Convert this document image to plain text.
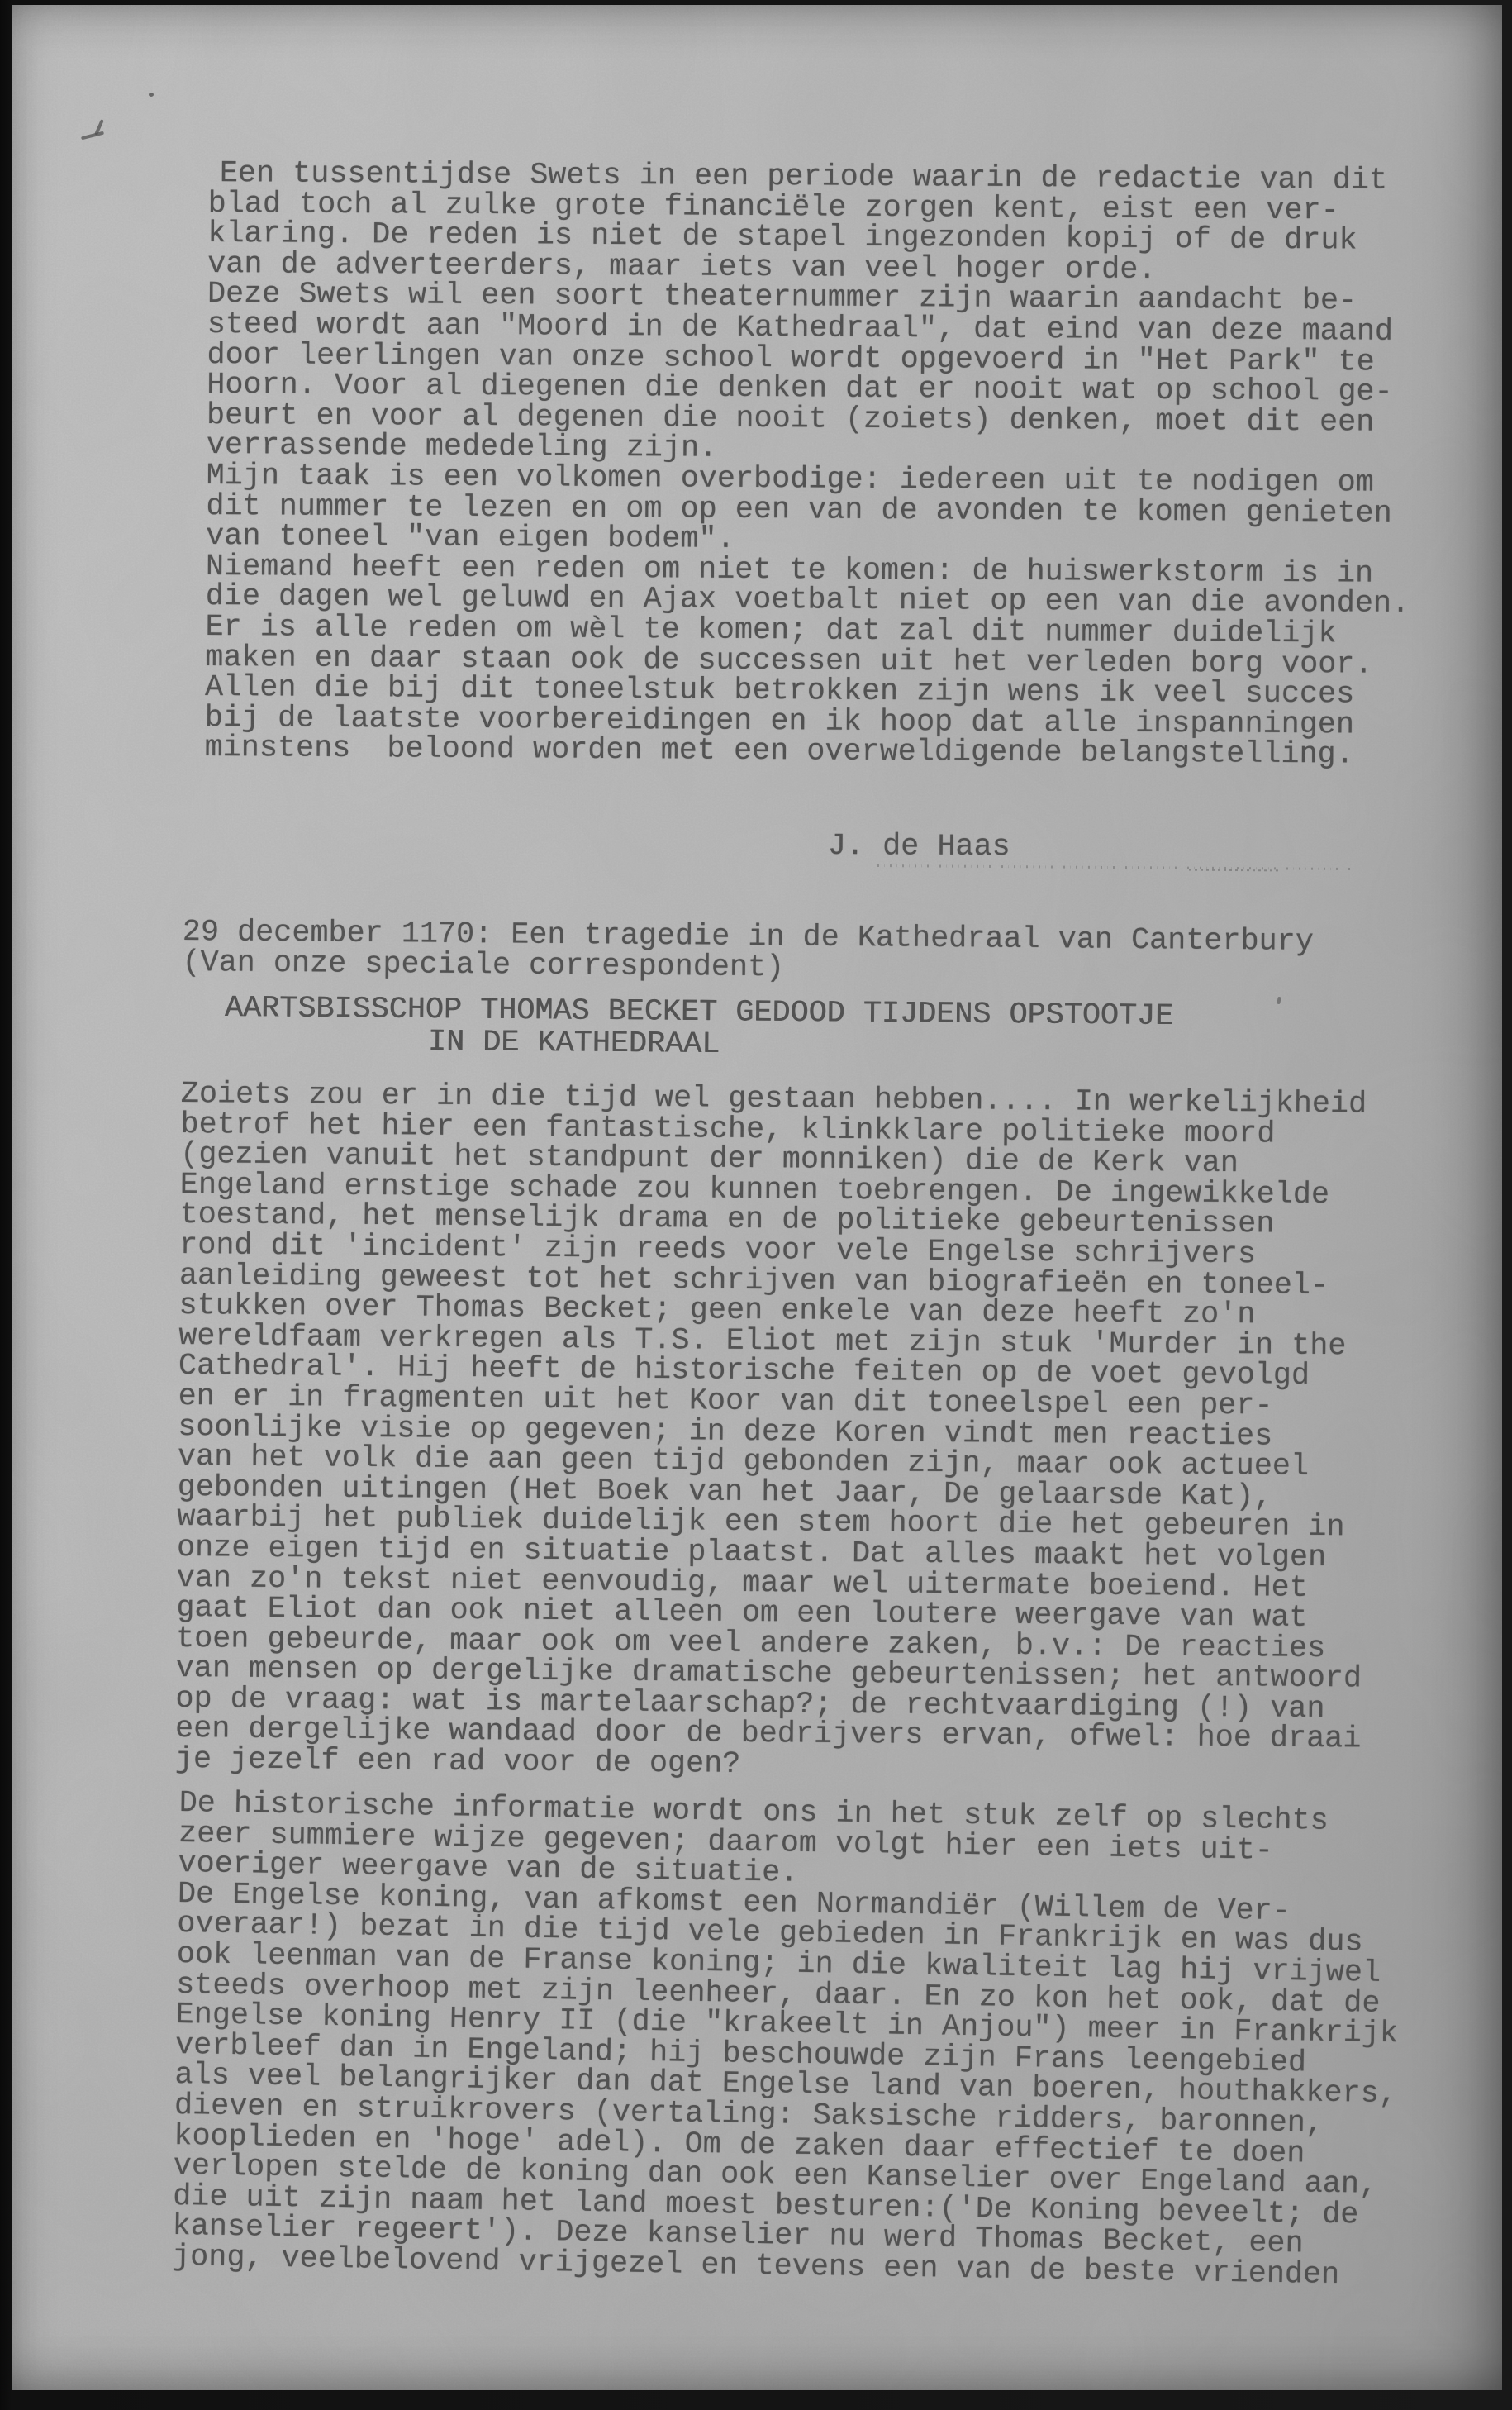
Een tussentijdse Swets in een periode waarin de redactie van dit
blad toch al zulke grote financiële zorgen kent, eist een ver-
klaring. De reden is niet de stapel ingezonden kopij of de druk
van de adverteerders, maar iets van veel hoger orde.
Deze Swets wil een soort theaternummer zijn waarin aandacht be-
steed wordt aan "Moord in de Kathedraal", dat eind van deze maand
door leerlingen van onze school wordt opgevoerd in "Het Park" te
Hoorn. Voor al diegenen die denken dat er nooit wat op school ge-
beurt en voor al degenen die nooit (zoiets) denken, moet dit een
verrassende mededeling zijn.
Mijn taak is een volkomen overbodige: iedereen uit te nodigen om
dit nummer te lezen en om op een van de avonden te komen genieten
van toneel "van eigen bodem".
Niemand heeft een reden om niet te komen: de huiswerkstorm is in
die dagen wel geluwd en Ajax voetbalt niet op een van die avonden.
Er is alle reden om wèl te komen; dat zal dit nummer duidelijk
maken en daar staan ook de successen uit het verleden borg voor.
Allen die bij dit toneelstuk betrokken zijn wens ik veel succes
bij de laatste voorbereidingen en ik hoop dat alle inspanningen
minstens  beloond worden met een overweldigende belangstelling.
J. de Haas
29 december 1170: Een tragedie in de Kathedraal van Canterbury
(Van onze speciale correspondent)
AARTSBISSCHOP THOMAS BECKET GEDOOD TIJDENS OPSTOOTJE
IN DE KATHEDRAAL
Zoiets zou er in die tijd wel gestaan hebben.... In werkelijkheid
betrof het hier een fantastische, klinkklare politieke moord
(gezien vanuit het standpunt der monniken) die de Kerk van
Engeland ernstige schade zou kunnen toebrengen. De ingewikkelde
toestand, het menselijk drama en de politieke gebeurtenissen
rond dit 'incident' zijn reeds voor vele Engelse schrijvers
aanleiding geweest tot het schrijven van biografieën en toneel-
stukken over Thomas Becket; geen enkele van deze heeft zo'n
wereldfaam verkregen als T.S. Eliot met zijn stuk 'Murder in the
Cathedral'. Hij heeft de historische feiten op de voet gevolgd
en er in fragmenten uit het Koor van dit toneelspel een per-
soonlijke visie op gegeven; in deze Koren vindt men reacties
van het volk die aan geen tijd gebonden zijn, maar ook actueel
gebonden uitingen (Het Boek van het Jaar, De gelaarsde Kat),
waarbij het publiek duidelijk een stem hoort die het gebeuren in
onze eigen tijd en situatie plaatst. Dat alles maakt het volgen
van zo'n tekst niet eenvoudig, maar wel uitermate boeiend. Het
gaat Eliot dan ook niet alleen om een loutere weergave van wat
toen gebeurde, maar ook om veel andere zaken, b.v.: De reacties
van mensen op dergelijke dramatische gebeurtenissen; het antwoord
op de vraag: wat is martelaarschap?; de rechtvaardiging (!) van
een dergelijke wandaad door de bedrijvers ervan, ofwel: hoe draai
je jezelf een rad voor de ogen?
De historische informatie wordt ons in het stuk zelf op slechts
zeer summiere wijze gegeven; daarom volgt hier een iets uit-
voeriger weergave van de situatie.
De Engelse koning, van afkomst een Normandiër (Willem de Ver-
overaar!) bezat in die tijd vele gebieden in Frankrijk en was dus
ook leenman van de Franse koning; in die kwaliteit lag hij vrijwel
steeds overhoop met zijn leenheer, daar. En zo kon het ook, dat de
Engelse koning Henry II (die "krakeelt in Anjou") meer in Frankrijk
verbleef dan in Engeland; hij beschouwde zijn Frans leengebied
als veel belangrijker dan dat Engelse land van boeren, houthakkers,
dieven en struikrovers (vertaling: Saksische ridders, baronnen,
kooplieden en 'hoge' adel). Om de zaken daar effectief te doen
verlopen stelde de koning dan ook een Kanselier over Engeland aan,
die uit zijn naam het land moest besturen:('De Koning beveelt; de
kanselier regeert'). Deze kanselier nu werd Thomas Becket, een
jong, veelbelovend vrijgezel en tevens een van de beste vrienden
